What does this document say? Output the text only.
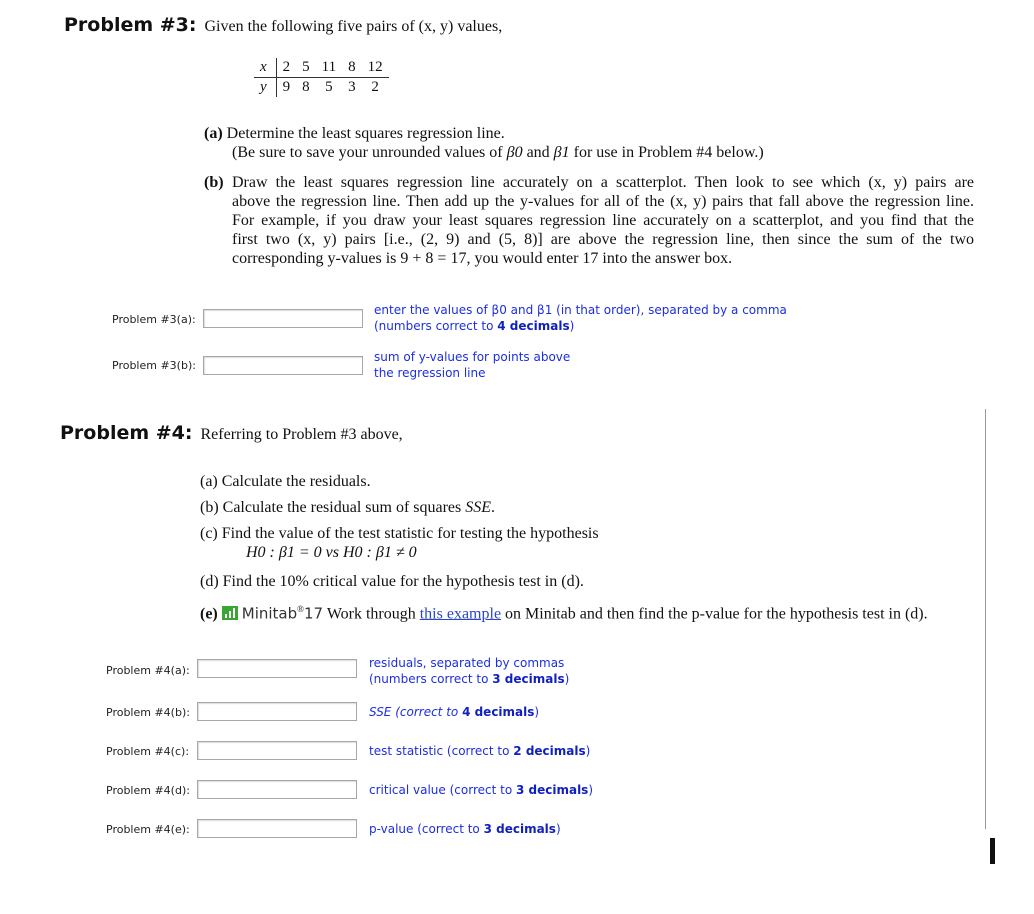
Problem #3: Given the following five pairs of (x, y) values,
x	2	5	11	8	12
y	9	8	5	3	2
(a) Determine the least squares regression line.
(Be sure to save your unrounded values of β0 and β1 for use in Problem #4 below.)
(b) Draw the least squares regression line accurately on a scatterplot. Then look to see which (x, y) pairs are
above the regression line. Then add up the y-values for all of the (x, y) pairs that fall above the regression line.
For example, if you draw your least squares regression line accurately on a scatterplot, and you find that the
first two (x, y) pairs [i.e., (2, 9) and (5, 8)] are above the regression line, then since the sum of the two
corresponding y-values is 9 + 8 = 17, you would enter 17 into the answer box.
Problem #3(a):
enter the values of β0 and β1 (in that order), separated by a comma
(numbers correct to 4 decimals)
Problem #3(b):
sum of y-values for points above
the regression line
Problem #4: Referring to Problem #3 above,
(a) Calculate the residuals.
(b) Calculate the residual sum of squares SSE.
(c) Find the value of the test statistic for testing the hypothesis
H0 : β1 = 0 vs H0 : β1 ≠ 0
(d) Find the 10% critical value for the hypothesis test in (d).
(e) Minitab®17 Work through this example on Minitab and then find the p-value for the hypothesis test in (d).
Problem #4(a):
residuals, separated by commas
(numbers correct to 3 decimals)
Problem #4(b):	SSE (correct to 4 decimals)
Problem #4(c):	test statistic (correct to 2 decimals)
Problem #4(d):	critical value (correct to 3 decimals)
Problem #4(e):	p-value (correct to 3 decimals)
